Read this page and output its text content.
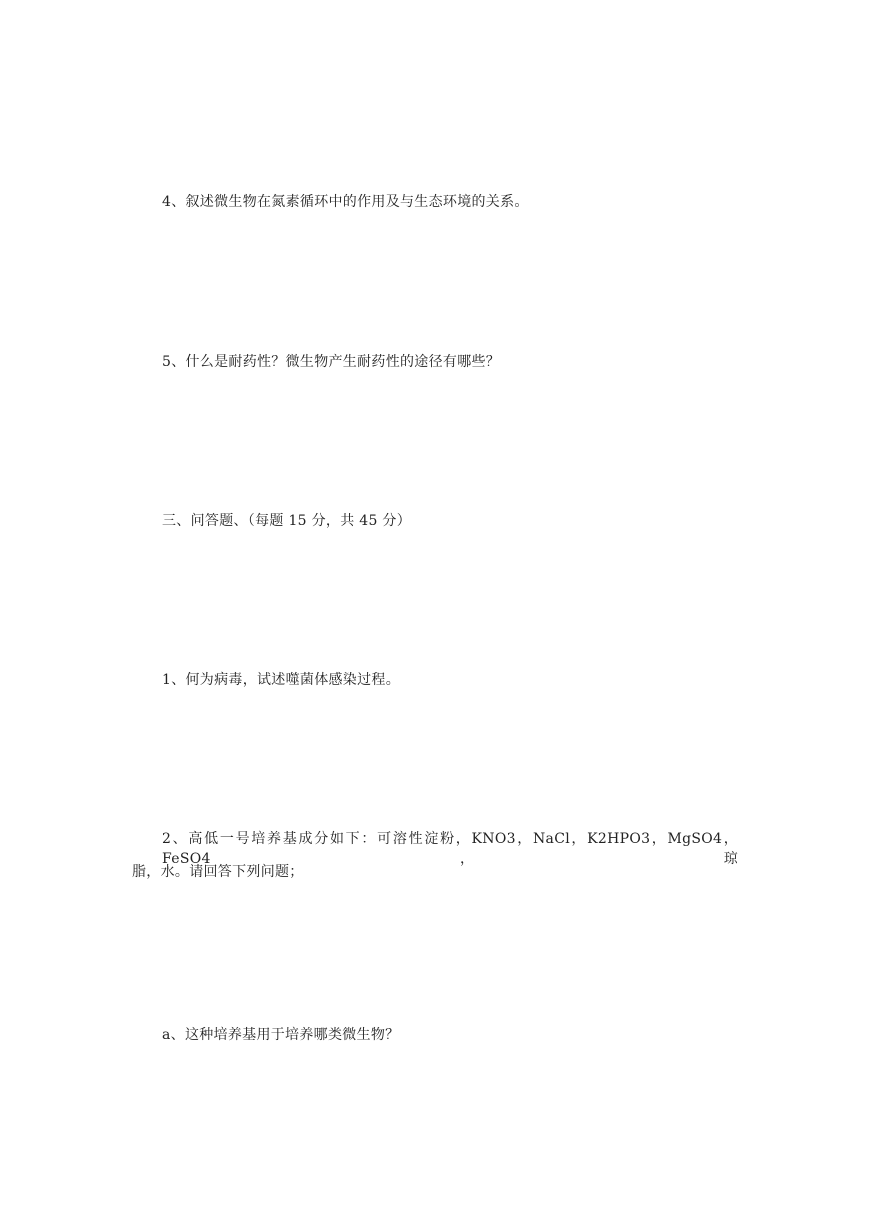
4、叙述微生物在氮素循环中的作用及与生态环境的关系。
5、什么是耐药性？微生物产生耐药性的途径有哪些？
三、问答题、（每题 15 分，共 45 分）
1、何为病毒，试述噬菌体感染过程。
2、高低一号培养基成分如下：可溶性淀粉，KNO3，NaCl，K2HPO3，MgSO4，FeSO4，琼
脂，水。请回答下列问题；
a、这种培养基用于培养哪类微生物？
